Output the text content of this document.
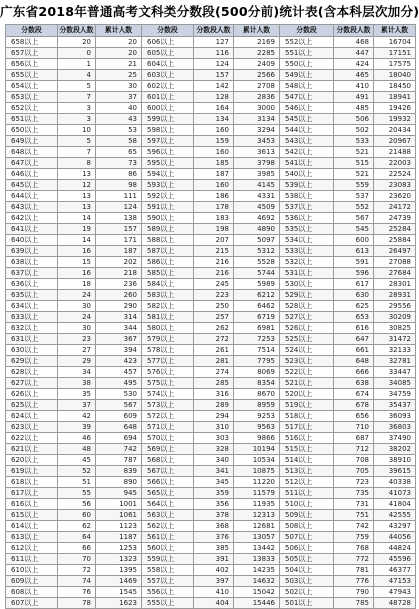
广东省2018年普通高考文科类分数段(500分前)统计表(含本科层次加分)
分数段	分数段人数	累计人数	分数段	分数段人数	累计人数	分数段	分数段人数	累计人数
658以上	20	20	606以上	127	2169	552以上	468	16704
657以上	0	20	605以上	116	2285	551以上	447	17151
656以上	1	21	604以上	124	2409	550以上	424	17575
655以上	4	25	603以上	157	2566	549以上	465	18040
654以上	5	30	602以上	142	2708	548以上	410	18450
653以上	7	37	601以上	128	2836	547以上	491	18941
652以上	3	40	600以上	164	3000	546以上	485	19426
651以上	3	43	599以上	134	3134	545以上	506	19932
650以上	10	53	598以上	160	3294	544以上	502	20434
649以上	5	58	597以上	159	3453	543以上	533	20967
648以上	7	65	596以上	160	3613	542以上	521	21488
647以上	8	73	595以上	185	3798	541以上	515	22003
646以上	13	86	594以上	187	3985	540以上	521	22524
645以上	12	98	593以上	160	4145	539以上	559	23083
644以上	13	111	592以上	186	4331	538以上	537	23620
643以上	13	124	591以上	178	4509	537以上	552	24172
642以上	14	138	590以上	183	4692	536以上	567	24739
641以上	19	157	589以上	198	4890	535以上	545	25284
640以上	14	171	588以上	207	5097	534以上	600	25884
639以上	16	187	587以上	215	5312	533以上	613	26497
638以上	15	202	586以上	216	5528	532以上	591	27088
637以上	16	218	585以上	216	5744	531以上	596	27684
636以上	18	236	584以上	245	5989	530以上	617	28301
635以上	24	260	583以上	223	6212	529以上	630	28931
634以上	30	290	582以上	250	6462	528以上	625	29556
633以上	24	314	581以上	257	6719	527以上	653	30209
632以上	30	344	580以上	262	6981	526以上	616	30825
631以上	23	367	579以上	272	7253	525以上	647	31472
630以上	27	394	578以上	261	7514	524以上	661	32133
629以上	29	423	577以上	281	7795	523以上	648	32781
628以上	34	457	576以上	274	8069	522以上	666	33447
627以上	38	495	575以上	285	8354	521以上	638	34085
626以上	35	530	574以上	316	8670	520以上	674	34759
625以上	37	567	573以上	289	8959	519以上	678	35437
624以上	42	609	572以上	294	9253	518以上	656	36093
623以上	39	648	571以上	310	9563	517以上	710	36803
622以上	46	694	570以上	303	9866	516以上	687	37490
621以上	48	742	569以上	328	10194	515以上	712	38202
620以上	45	787	568以上	340	10534	514以上	708	38910
619以上	52	839	567以上	341	10875	513以上	705	39615
618以上	51	890	566以上	345	11220	512以上	723	40338
617以上	55	945	565以上	359	11579	511以上	735	41073
616以上	56	1001	564以上	356	11935	510以上	731	41804
615以上	60	1061	563以上	378	12313	509以上	751	42555
614以上	62	1123	562以上	368	12681	508以上	742	43297
613以上	64	1187	561以上	376	13057	507以上	759	44056
612以上	66	1253	560以上	385	13442	506以上	768	44824
611以上	70	1323	559以上	391	13833	505以上	772	45596
610以上	72	1395	558以上	402	14235	504以上	781	46377
609以上	74	1469	557以上	397	14632	503以上	776	47153
608以上	76	1545	556以上	410	15042	502以上	790	47943
607以上	78	1623	555以上	404	15446	501以上	785	48728
